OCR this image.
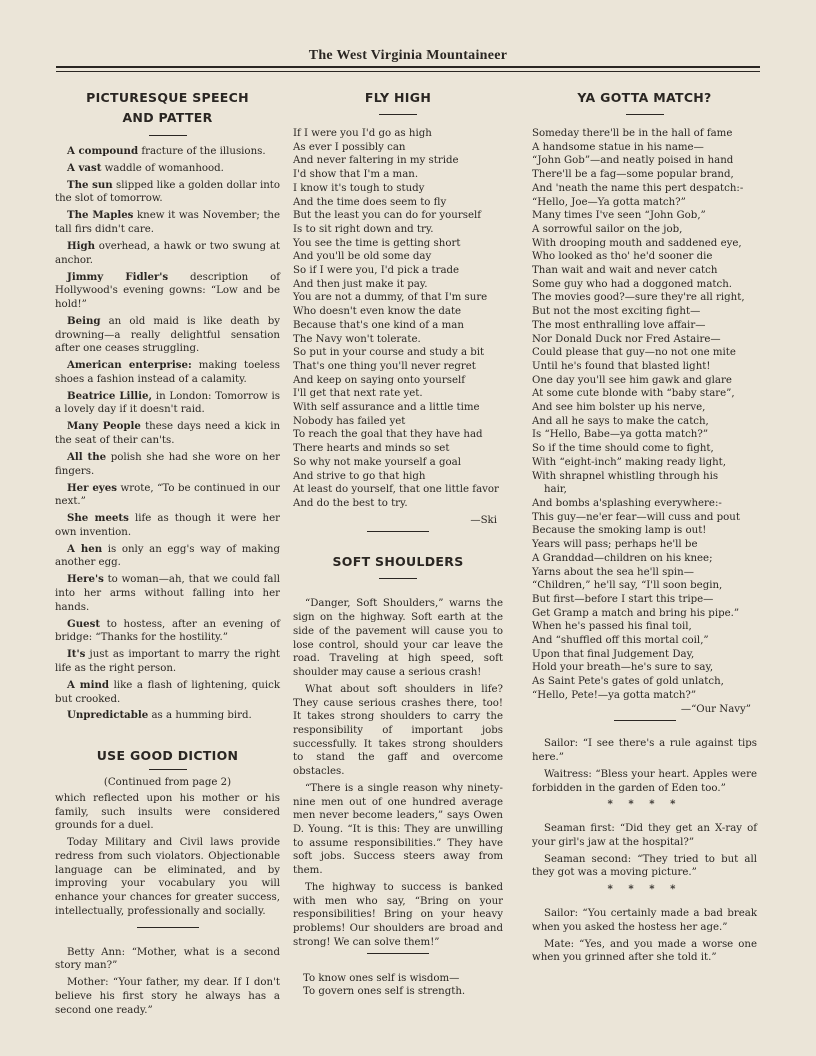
The West Virginia Mountaineer
PICTURESQUE SPEECH
AND PATTER

A compound fracture of the illusions.

A vast waddle of womanhood.

The sun slipped like a golden dollar into the slot of tomorrow.

The Maples knew it was November; the tall firs didn't care.

High overhead, a hawk or two swung at anchor.

Jimmy Fidler's description of Hollywood's evening gowns: “Low and be hold!”

Being an old maid is like death by drowning—a really delightful sensation after one ceases struggling.

American enterprise: making toeless shoes a fashion instead of a calamity.

Beatrice Lillie, in London: Tomorrow is a lovely day if it doesn't raid.

Many People these days need a kick in the seat of their can'ts.

All the polish she had she wore on her fingers.

Her eyes wrote, “To be continued in our next.”

She meets life as though it were her own invention.

A hen is only an egg's way of making another egg.

Here's to woman—ah, that we could fall into her arms without falling into her hands.

Guest to hostess, after an evening of bridge: “Thanks for the hostility.”

It's just as important to marry the right life as the right person.

A mind like a flash of lightening, quick but crooked.

Unpredictable as a humming bird.

USE GOOD DICTION
(Continued from page 2)

which reflected upon his mother or his family, such insults were considered grounds for a duel.

Today Military and Civil laws provide redress from such violators. Objectionable language can be eliminated, and by improving your vocabulary you will enhance your chances for greater success, intellectually, professionally and socially.

Betty Ann: “Mother, what is a second story man?”

Mother: “Your father, my dear. If I don't believe his first story he always has a second one ready.”

FLY HIGH
If I were you I'd go as high
As ever I possibly can
And never faltering in my stride
I'd show that I'm a man.
I know it's tough to study
And the time does seem to fly
But the least you can do for yourself
Is to sit right down and try.
You see the time is getting short
And you'll be old some day
So if I were you, I'd pick a trade
And then just make it pay.
You are not a dummy, of that I'm sure
Who doesn't even know the date
Because that's one kind of a man
The Navy won't tolerate.
So put in your course and study a bit
That's one thing you'll never regret
And keep on saying onto yourself
I'll get that next rate yet.
With self assurance and a little time
Nobody has failed yet
To reach the goal that they have had
There hearts and minds so set
So why not make yourself a goal
And strive to go that high
At least do yourself, that one little favor
And do the best to try.
—Ski
SOFT SHOULDERS

“Danger, Soft Shoulders,” warns the sign on the highway. Soft earth at the side of the pavement will cause you to lose control, should your car leave the road. Traveling at high speed, soft shoulder may cause a serious crash!

What about soft shoulders in life? They cause serious crashes there, too! It takes strong shoulders to carry the responsibility of important jobs successfully. It takes strong shoulders to stand the gaff and overcome obstacles.

“There is a single reason why ninety-nine men out of one hundred average men never become leaders,” says Owen D. Young. “It is this: They are unwilling to assume responsibilities.” They have soft jobs. Success steers away from them.

The highway to success is banked with men who say, “Bring on your responsibilities! Bring on your heavy problems! Our shoulders are broad and strong! We can solve them!”

To know ones self is wisdom—
To govern ones self is strength.
YA GOTTA MATCH?
Someday there'll be in the hall of fame
A handsome statue in his name—
“John Gob”—and neatly poised in hand
There'll be a fag—some popular brand,
And 'neath the name this pert despatch:-
“Hello, Joe—Ya gotta match?”
Many times I've seen “John Gob,”
A sorrowful sailor on the job,
With drooping mouth and saddened eye,
Who looked as tho' he'd sooner die
Than wait and wait and never catch
Some guy who had a doggoned match.
The movies good?—sure they're all right,
But not the most exciting fight—
The most enthralling love affair—
Nor Donald Duck nor Fred Astaire—
Could please that guy—no not one mite
Until he's found that blasted light!
One day you'll see him gawk and glare
At some cute blonde with “baby stare”,
And see him bolster up his nerve,
And all he says to make the catch,
Is “Hello, Babe—ya gotta match?”
So if the time should come to fight,
With “eight-inch” making ready light,
With shrapnel whistling through his
hair,
And bombs a'splashing everywhere:-
This guy—ne'er fear—will cuss and pout
Because the smoking lamp is out!
Years will pass; perhaps he'll be
A Granddad—children on his knee;
Yarns about the sea he'll spin—
“Children,” he'll say, “I'll soon begin,
But first—before I start this tripe—
Get Gramp a match and bring his pipe.”
When he's passed his final toil,
And “shuffled off this mortal coil,”
Upon that final Judgement Day,
Hold your breath—he's sure to say,
As Saint Pete's gates of gold unlatch,
“Hello, Pete!—ya gotta match?”
—“Our Navy”

Sailor: “I see there's a rule against tips here.”

Waitress: “Bless your heart. Apples were forbidden in the garden of Eden too.”

* * * *

Seaman first: “Did they get an X-ray of your girl's jaw at the hospital?”

Seaman second: “They tried to but all they got was a moving picture.”

* * * *

Sailor: “You certainly made a bad break when you asked the hostess her age.”

Mate: “Yes, and you made a worse one when you grinned after she told it.”
